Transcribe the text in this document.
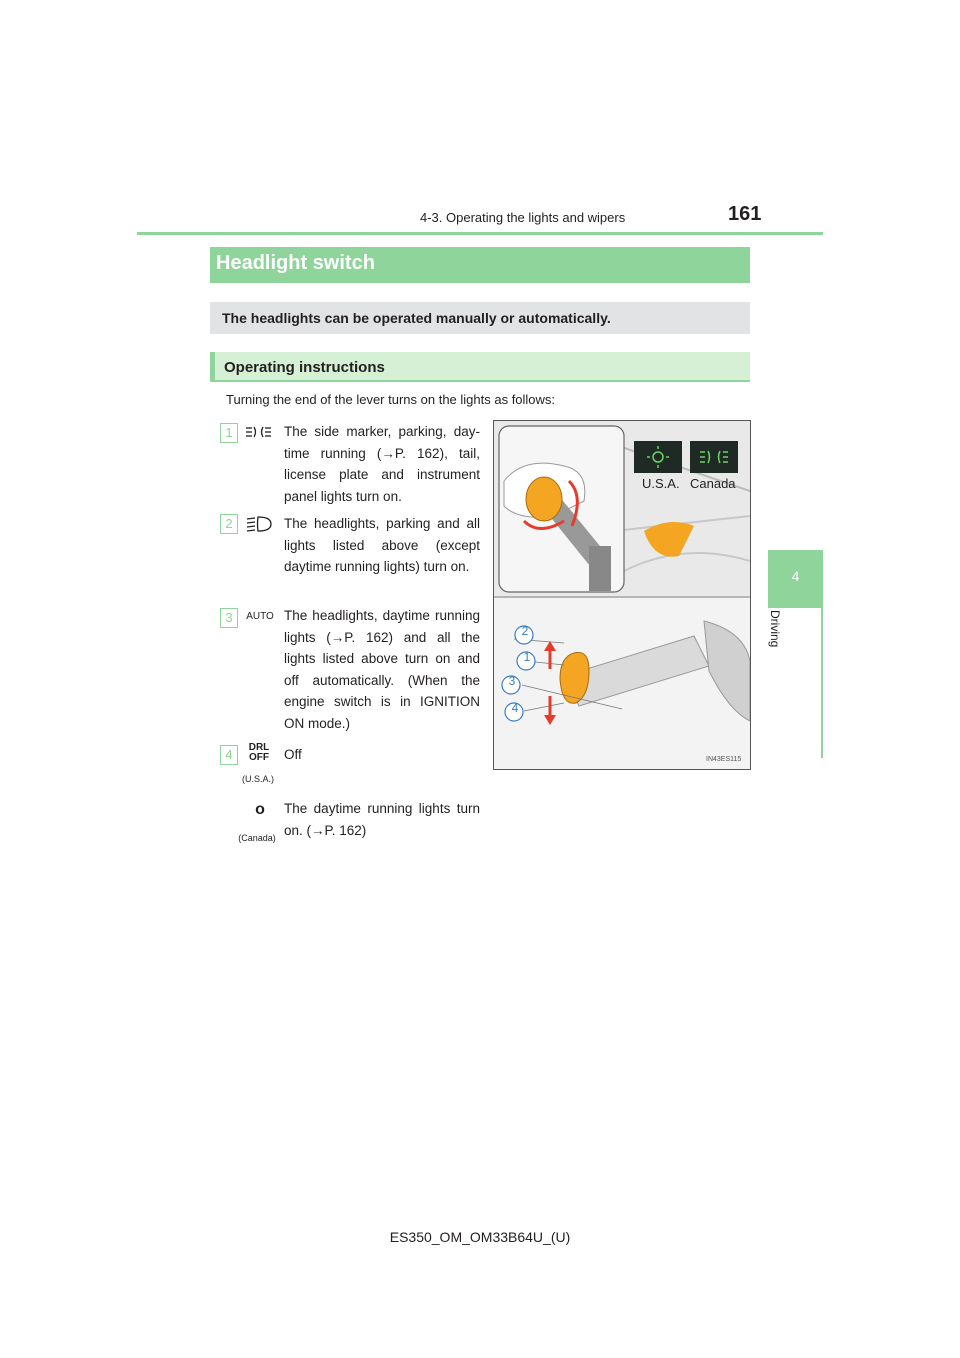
4-3. Operating the lights and wipers	161
4
Driving
Headlight switch
The headlights can be operated manually or automatically.
Operating instructions
Turning the end of the lever turns on the lights as follows:
1	The side marker, parking, day-time running (→P. 162), tail, license plate and instrument panel lights turn on.
2	The headlights, parking and all lights listed above (except daytime running lights) turn on.
3	AUTO The headlights, daytime running lights (→P. 162) and all the lights listed above turn on and off automatically. (When the engine switch is in IGNITION ON mode.)
4	DRL OFF
(U.S.A.)
Off
o
(Canada)
The daytime running lights turn on. (→P. 162)
U.S.A. Canada
2
1
3
4
IN43ES115
ES350_OM_OM33B64U_(U)
